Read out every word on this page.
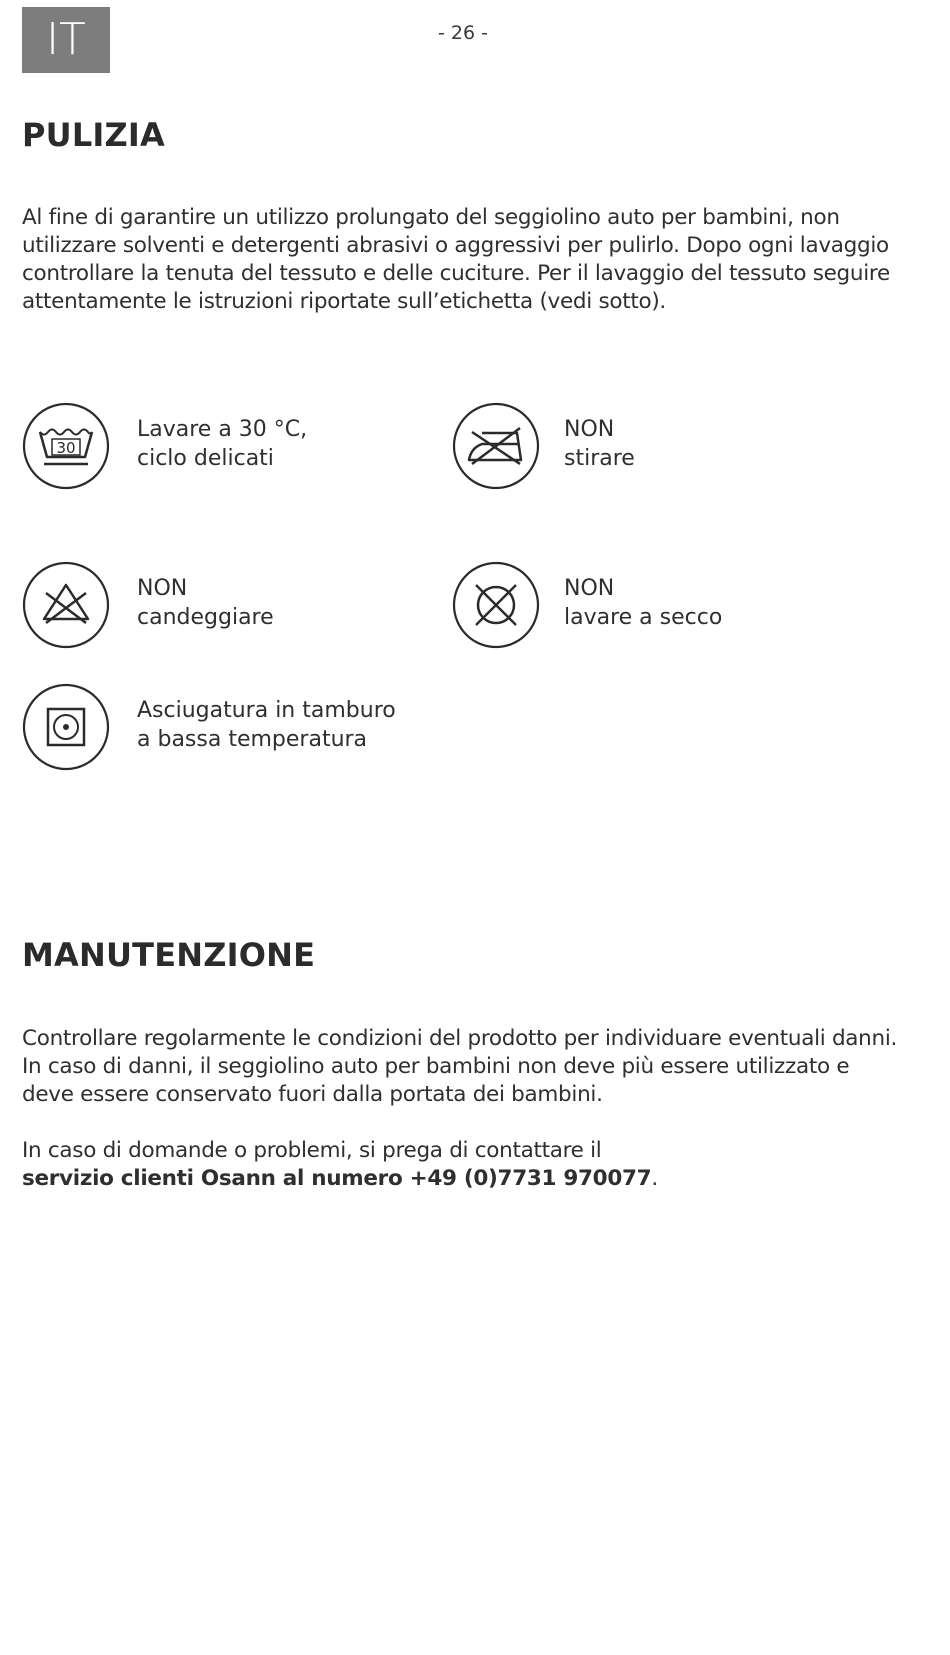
IT	- 26 -
PULIZIA

Al fine di garantire un utilizzo prolungato del seggiolino auto per bambini, non utilizzare solventi e detergenti abrasivi o aggressivi per pulirlo. Dopo ogni lavaggio controllare la tenuta del tessuto e delle cuciture. Per il lavaggio del tessuto seguire attentamente le istruzioni riportate sull’etichetta (vedi sotto).

30
Lavare a 30 °C,
ciclo delicati
NON
stirare
NON
candeggiare
NON
lavare a secco
Asciugatura in tamburo
a bassa temperatura
MANUTENZIONE

Controllare regolarmente le condizioni del prodotto per individuare eventuali danni. In caso di danni, il seggiolino auto per bambini non deve più essere utilizzato e deve essere conservato fuori dalla portata dei bambini.

In caso di domande o problemi, si prega di contattare il
servizio clienti Osann al numero +49 (0)7731 970077.
